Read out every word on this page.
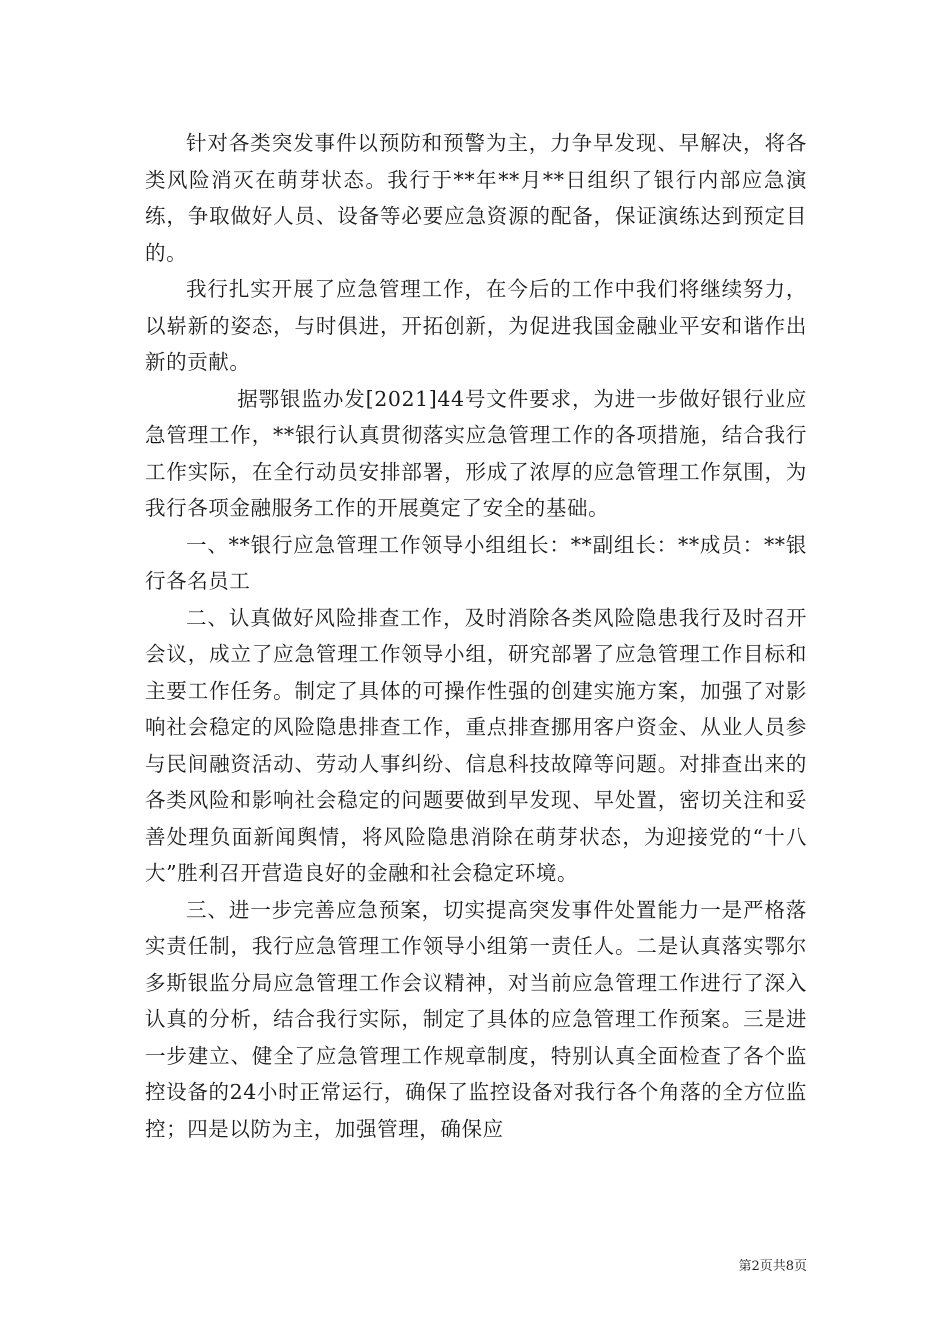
针对各类突发事件以预防和预警为主，力争早发现、早解决，将各类风险消灭在萌芽状态。我行于**年**月**日组织了银行内部应急演练，争取做好人员、设备等必要应急资源的配备，保证演练达到预定目的。

我行扎实开展了应急管理工作，在今后的工作中我们将继续努力，以崭新的姿态，与时俱进，开拓创新，为促进我国金融业平安和谐作出新的贡献。

据鄂银监办发[2021]44号文件要求，为进一步做好银行业应急管理工作，**银行认真贯彻落实应急管理工作的各项措施，结合我行工作实际，在全行动员安排部署，形成了浓厚的应急管理工作氛围，为我行各项金融服务工作的开展奠定了安全的基础。

一、**银行应急管理工作领导小组组长：**副组长：**成员：**银行各名员工

二、认真做好风险排查工作，及时消除各类风险隐患我行及时召开会议，成立了应急管理工作领导小组，研究部署了应急管理工作目标和主要工作任务。制定了具体的可操作性强的创建实施方案，加强了对影响社会稳定的风险隐患排查工作，重点排查挪用客户资金、从业人员参与民间融资活动、劳动人事纠纷、信息科技故障等问题。对排查出来的各类风险和影响社会稳定的问题要做到早发现、早处置，密切关注和妥善处理负面新闻舆情，将风险隐患消除在萌芽状态，为迎接党的“十八大”胜利召开营造良好的金融和社会稳定环境。

三、进一步完善应急预案，切实提高突发事件处置能力一是严格落实责任制，我行应急管理工作领导小组第一责任人。二是认真落实鄂尔多斯银监分局应急管理工作会议精神，对当前应急管理工作进行了深入认真的分析，结合我行实际，制定了具体的应急管理工作预案。三是进一步建立、健全了应急管理工作规章制度，特别认真全面检查了各个监控设备的24小时正常运行，确保了监控设备对我行各个角落的全方位监控；四是以防为主，加强管理，确保应

第2页共8页
